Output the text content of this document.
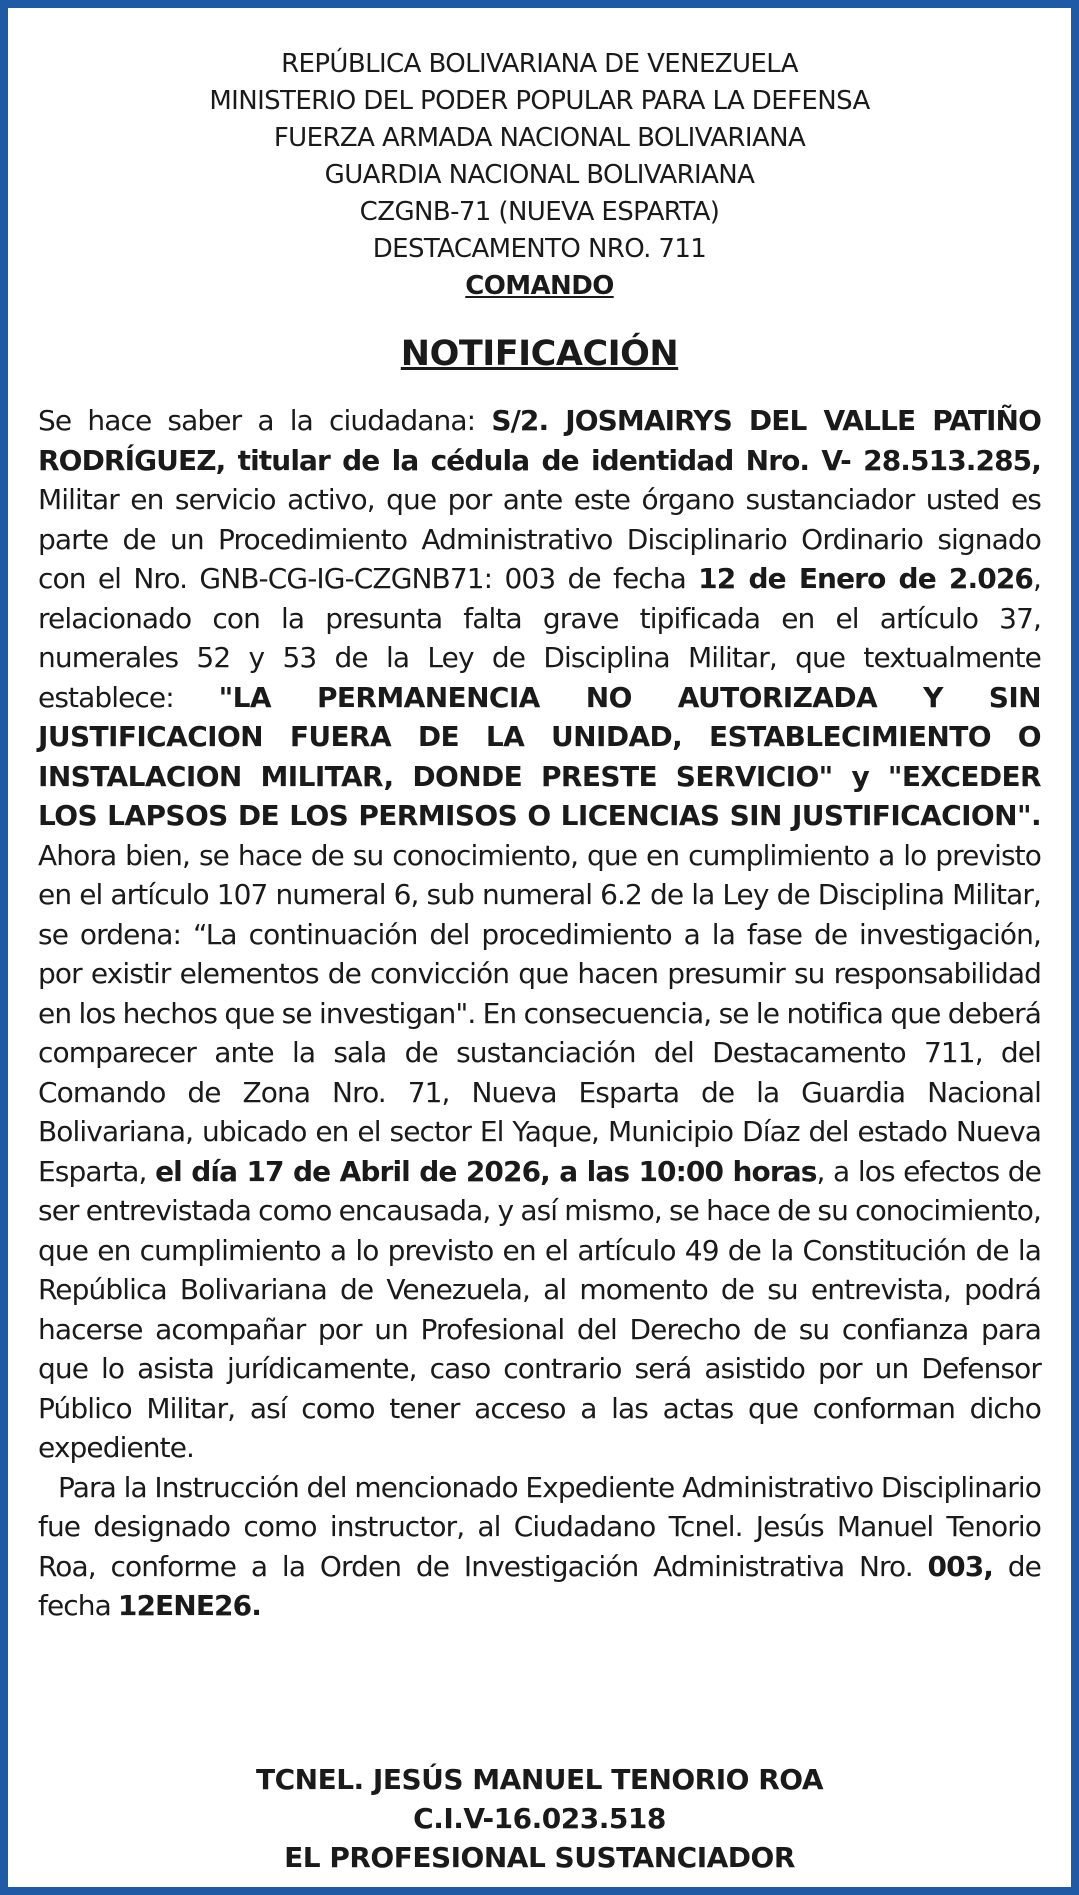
REPÚBLICA BOLIVARIANA DE VENEZUELA
MINISTERIO DEL PODER POPULAR PARA LA DEFENSA
FUERZA ARMADA NACIONAL BOLIVARIANA
GUARDIA NACIONAL BOLIVARIANA
CZGNB-71 (NUEVA ESPARTA)
DESTACAMENTO NRO. 711
COMANDO
NOTIFICACIÓN

Se hace saber a la ciudadana: S/2. JOSMAIRYS DEL VALLE PATIÑO RODRÍGUEZ, titular de la cédula de identidad Nro. V- 28.513.285, Militar en servicio activo, que por ante este órgano sustanciador usted es parte de un Procedimiento Administrativo Disciplinario Ordinario signado con el Nro. GNB-CG-IG-CZGNB71: 003 de fecha 12 de Enero de 2.026, relacionado con la presunta falta grave tipificada en el artículo 37, numerales 52 y 53 de la Ley de Disciplina Militar, que textualmente establece: "LA PERMANENCIA NO AUTORIZADA Y SIN JUSTIFICACION FUERA DE LA UNIDAD, ESTABLECIMIENTO O INSTALACION MILITAR, DONDE PRESTE SERVICIO" y "EXCEDER LOS LAPSOS DE LOS PERMISOS O LICENCIAS SIN JUSTIFICACION". Ahora bien, se hace de su conocimiento, que en cumplimiento a lo previsto en el artículo 107 numeral 6, sub numeral 6.2 de la Ley de Disciplina Militar, se ordena: “La continuación del procedimiento a la fase de investigación, por existir elementos de convicción que hacen presumir su responsabilidad en los hechos que se investigan". En consecuencia, se le notifica que deberá comparecer ante la sala de sustanciación del Destacamento 711, del Comando de Zona Nro. 71, Nueva Esparta de la Guardia Nacional Bolivariana, ubicado en el sector El Yaque, Municipio Díaz del estado Nueva Esparta, el día 17 de Abril de 2026, a las 10:00 horas, a los efectos de ser entrevistada como encausada, y así mismo, se hace de su conocimiento, que en cumplimiento a lo previsto en el artículo 49 de la Constitución de la República Bolivariana de Venezuela, al momento de su entrevista, podrá hacerse acompañar por un Profesional del Derecho de su confianza para que lo asista jurídicamente, caso contrario será asistido por un Defensor Público Militar, así como tener acceso a las actas que conforman dicho expediente.

Para la Instrucción del mencionado Expediente Administrativo Disciplinario fue designado como instructor, al Ciudadano Tcnel. Jesús Manuel Tenorio Roa, conforme a la Orden de Investigación Administrativa Nro. 003, de fecha 12ENE26.

TCNEL. JESÚS MANUEL TENORIO ROA
C.I.V-16.023.518
EL PROFESIONAL SUSTANCIADOR
